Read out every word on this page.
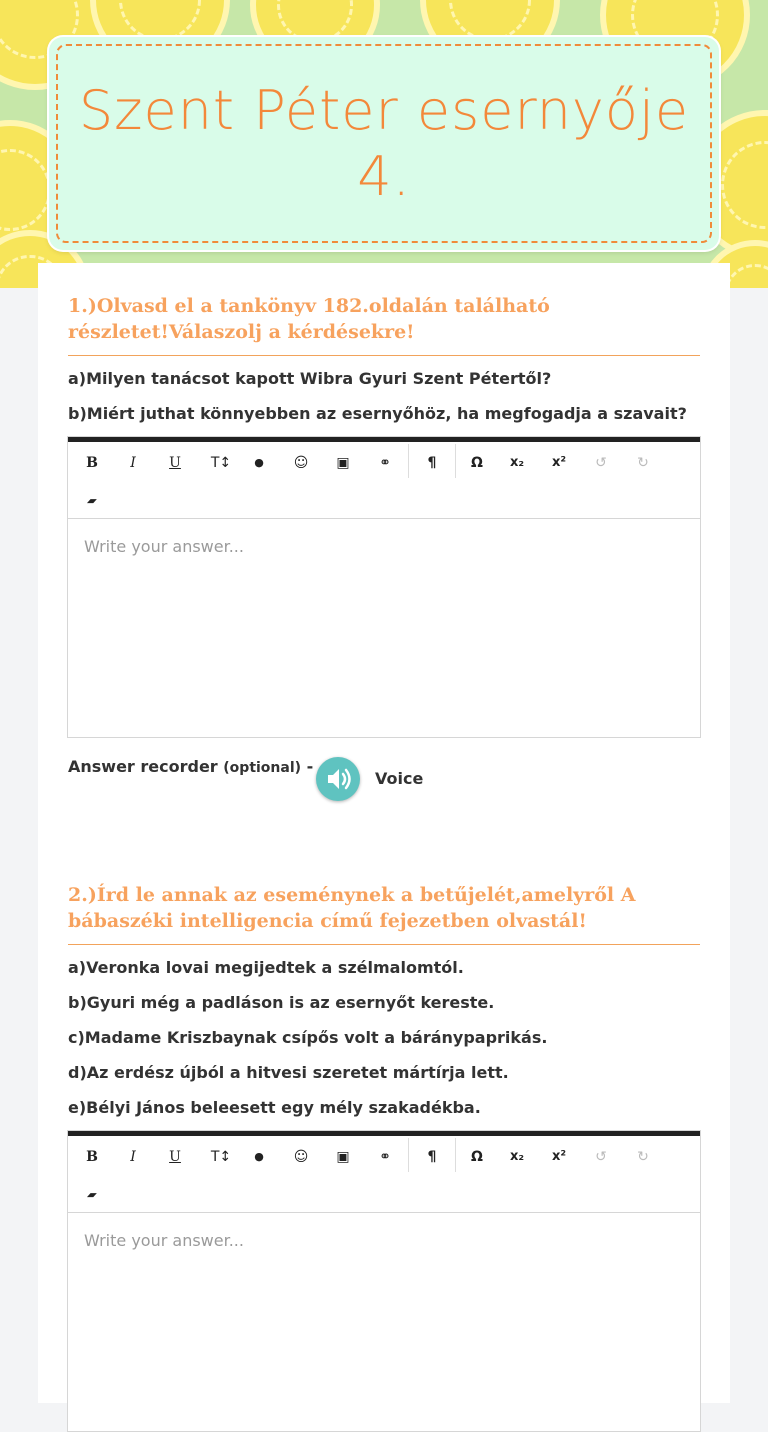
Szent Péter esernyője 4.
1.)Olvasd el a tankönyv 182.oldalán található részletet!Válaszolj a kérdésekre!
a)Milyen tanácsot kapott Wibra Gyuri Szent Pétertől?
b)Miért juthat könnyebben az esernyőhöz, ha megfogadja a szavait?
B	I	U	T↕	●	☺	▣	⚭	¶	Ω	x₂	x²	↺	↻
▰
Write your answer...
Answer recorder (optional) -
Voice
2.)Írd le annak az eseménynek a betűjelét,amelyről A bábaszéki intelligencia című fejezetben olvastál!
a)Veronka lovai megijedtek a szélmalomtól.
b)Gyuri még a padláson is az esernyőt kereste.
c)Madame Kriszbaynak csípős volt a báránypaprikás.
d)Az erdész újból a hitvesi szeretet mártírja lett.
e)Bélyi János beleesett egy mély szakadékba.
B	I	U	T↕	●	☺	▣	⚭	¶	Ω	x₂	x²	↺	↻
▰
Write your answer...
